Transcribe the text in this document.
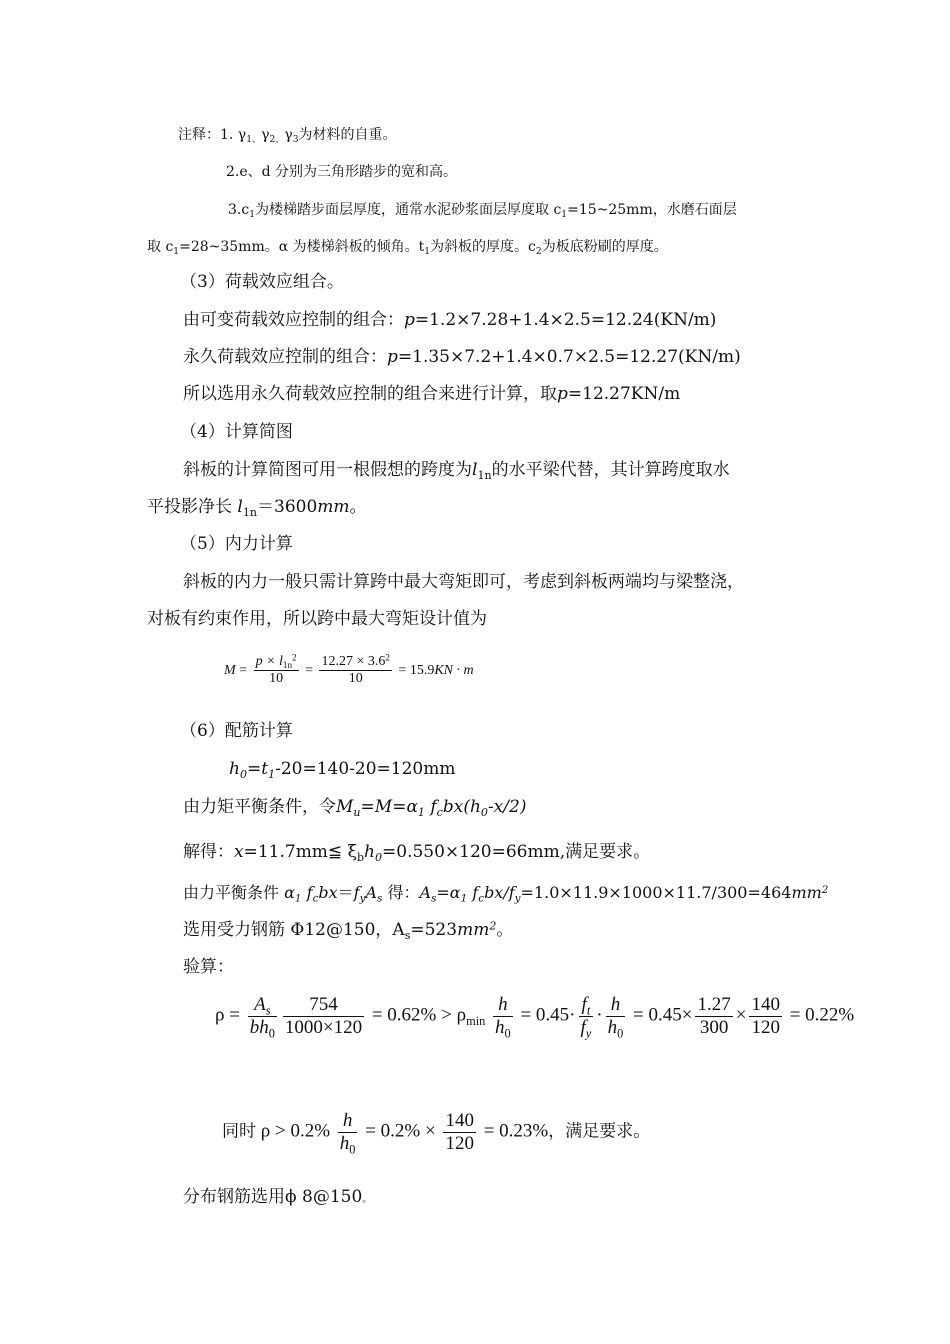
注释：1. $\gamma_{1、}\gamma_{2、}\gamma_3$为材料的自重。
2.e、d 分别为三角形踏步的宽和高。
$3.c_1$为楼梯踏步面层厚度，通常水泥砂浆面层厚度取 $c_1=15\sim 25mm$，水磨石面层
取 $c_1=28\sim 35mm$。α 为楼梯斜板的倾角。$t_1$为斜板的厚度。$c_2$为板底粉刷的厚度。
（3）荷载效应组合。
由可变荷载效应控制的组合：p=1.2×7.28+1.4×2.5=12.24(KN/m)
永久荷载效应控制的组合：p=1.35×7.2+1.4×0.7×2.5=12.27(KN/m)
所以选用永久荷载效应控制的组合来进行计算，取p=12.27KN/m
（4）计算简图
斜板的计算简图可用一根假想的跨度为$l_{1n}$的水平梁代替，其计算跨度取水
平投影净长 $l_{1n}=3600mm$。
（5）内力计算
斜板的内力一般只需计算跨中最大弯矩即可，考虑到斜板两端均与梁整浇，
对板有约束作用，所以跨中最大弯矩设计值为
$M = \frac{p \times l_{1n}^2}{10} = \frac{12.27 \times 3.6^2}{10} = 15.9KN \cdot m$
（6）配筋计算
$h_0=t_1-20=140-20=120mm$
由力矩平衡条件，令$M_u=M=\alpha_1$ $f_cbx(h_0-x/2)$
解得：x=11.7mm≦ $\xi_bh_0=0.550\times 120=66mm$,满足要求。
由力平衡条件 $\alpha_1$ $f_cbx=f_yA_s$ 得：$A_s=\alpha_1$ $f_cbx/f_y=1.0\times 11.9\times 1000\times 11.7/300=464mm^2$
选用受力钢筋 Φ12@150，$A_s=523mm^2$。
验算：
$\rho = \frac{A_s}{bh_0} \frac{754}{1000\times 120} = 0.62\% > \rho_{min} \frac{h}{h_0} = 0.45\cdot \frac{f_t}{f_y} \cdot \frac{h}{h_0} = 0.45\times \frac{1.27}{300} \times \frac{140}{120} = 0.22\%$
同时 $\rho > 0.2\% \frac{h}{h_0} = 0.2\% \times \frac{140}{120} = 0.23\%$，满足要求。
分布钢筋选用ϕ 8@150。
